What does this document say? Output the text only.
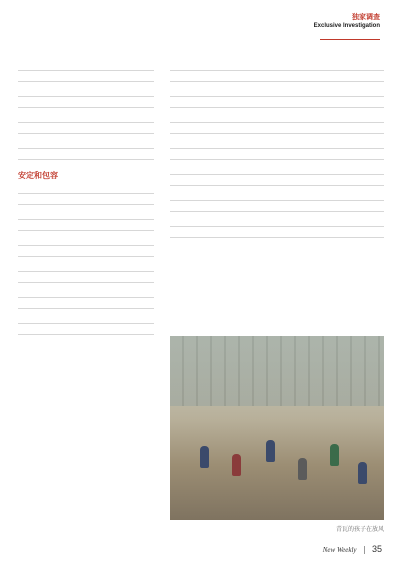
独家调查
Exclusive Investigation

安定和包容

青瓦的孩子在放风
New Weekly 35
